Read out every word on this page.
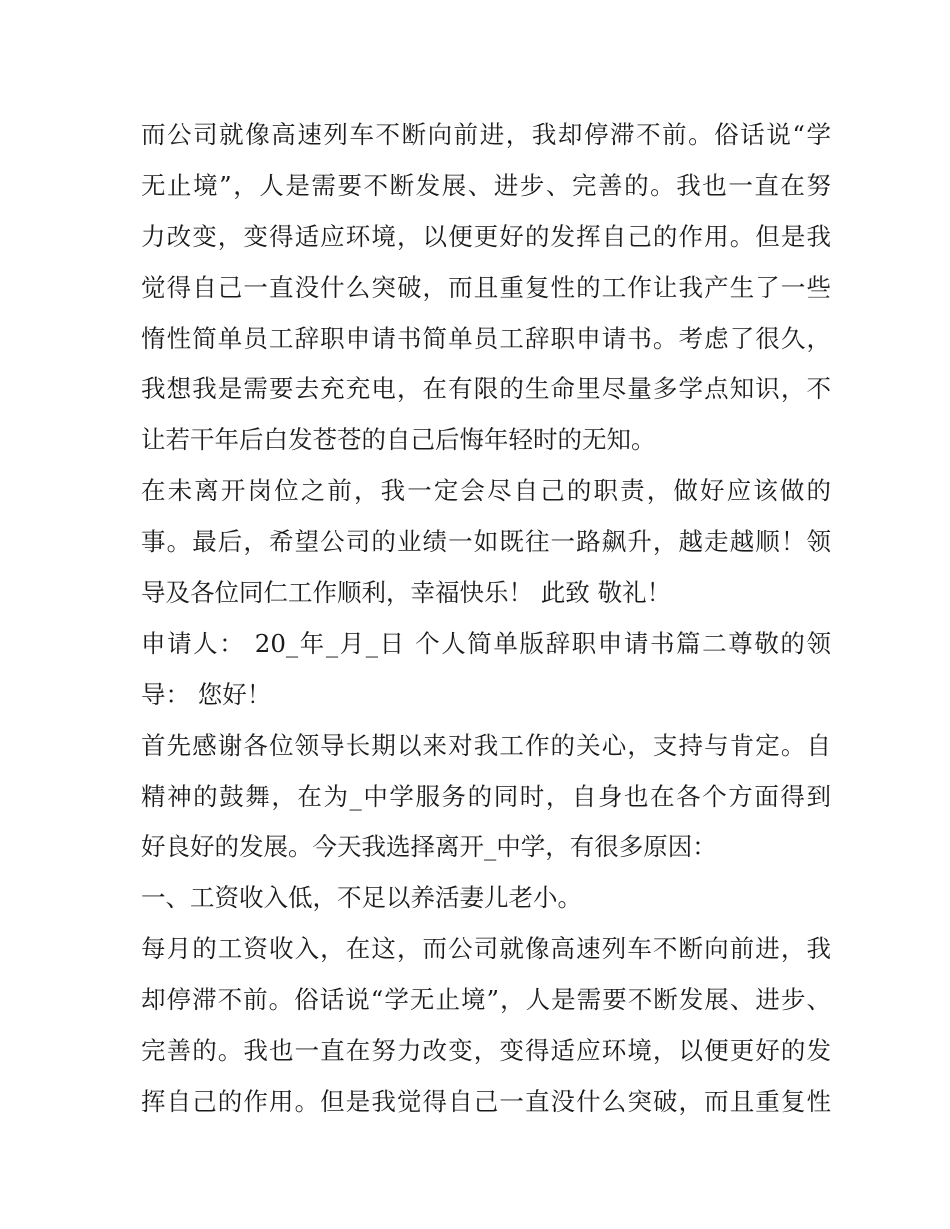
而公司就像高速列车不断向前进，我却停滞不前。俗话说“学
无止境”，人是需要不断发展、进步、完善的。我也一直在努
力改变，变得适应环境，以便更好的发挥自己的作用。但是我
觉得自己一直没什么突破，而且重复性的工作让我产生了一些
惰性简单员工辞职申请书简单员工辞职申请书。考虑了很久，
我想我是需要去充充电，在有限的生命里尽量多学点知识，不
让若干年后白发苍苍的自己后悔年轻时的无知。
在未离开岗位之前，我一定会尽自己的职责，做好应该做的
事。最后，希望公司的业绩一如既往一路飙升，越走越顺！领
导及各位同仁工作顺利，幸福快乐！ 此致 敬礼！
申请人： 20_年_月_日 个人简单版辞职申请书篇二尊敬的领
导： 您好！
首先感谢各位领导长期以来对我工作的关心，支持与肯定。自
精神的鼓舞，在为_中学服务的同时，自身也在各个方面得到
好良好的发展。今天我选择离开_中学，有很多原因：
一、工资收入低，不足以养活妻儿老小。
每月的工资收入，在这，而公司就像高速列车不断向前进，我
却停滞不前。俗话说“学无止境”，人是需要不断发展、进步、
完善的。我也一直在努力改变，变得适应环境，以便更好的发
挥自己的作用。但是我觉得自己一直没什么突破，而且重复性
